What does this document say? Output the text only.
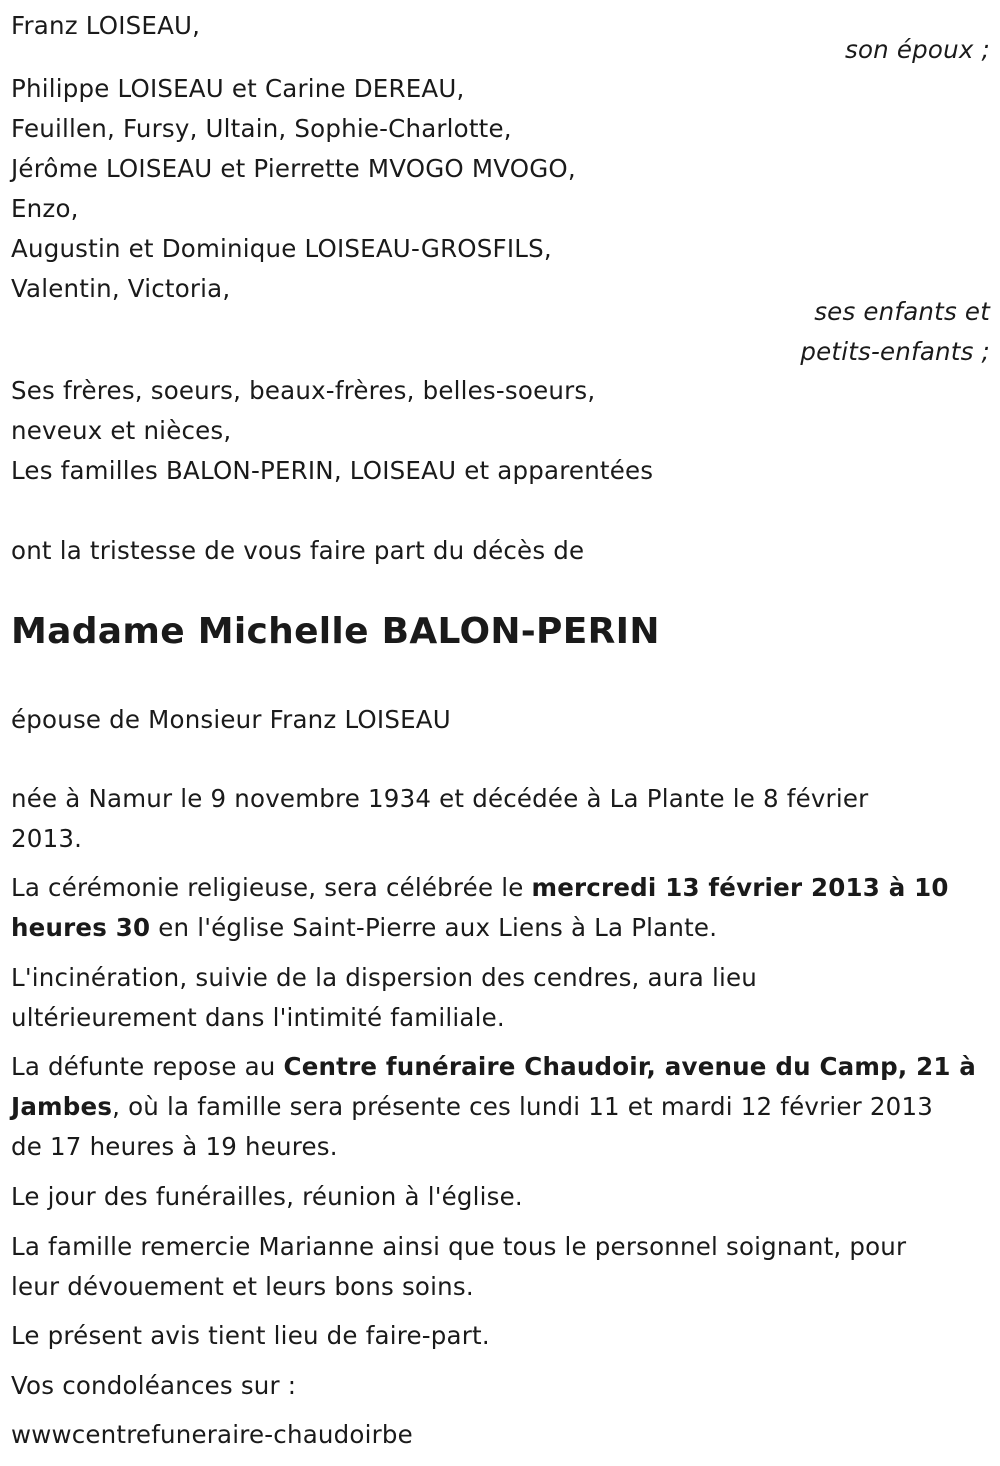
Franz LOISEAU,
son époux ;
Philippe LOISEAU et Carine DEREAU,
Feuillen, Fursy, Ultain, Sophie-Charlotte,
Jérôme LOISEAU et Pierrette MVOGO MVOGO,
Enzo,
Augustin et Dominique LOISEAU-GROSFILS,
Valentin, Victoria,
ses enfants et
petits-enfants ;
Ses frères, soeurs, beaux-frères, belles-soeurs,
neveux et nièces,
Les familles BALON-PERIN, LOISEAU et apparentées
ont la tristesse de vous faire part du décès de
Madame Michelle BALON-PERIN
épouse de Monsieur Franz LOISEAU
née à Namur le 9 novembre 1934 et décédée à La Plante le 8 février
2013.
La cérémonie religieuse, sera célébrée le mercredi 13 février 2013 à 10
heures 30 en l'église Saint-Pierre aux Liens à La Plante.
L'incinération, suivie de la dispersion des cendres, aura lieu
ultérieurement dans l'intimité familiale.
La défunte repose au Centre funéraire Chaudoir, avenue du Camp, 21 à
Jambes, où la famille sera présente ces lundi 11 et mardi 12 février 2013
de 17 heures à 19 heures.
Le jour des funérailles, réunion à l'église.
La famille remercie Marianne ainsi que tous le personnel soignant, pour
leur dévouement et leurs bons soins.
Le présent avis tient lieu de faire-part.
Vos condoléances sur :
wwwcentrefuneraire-chaudoirbe
